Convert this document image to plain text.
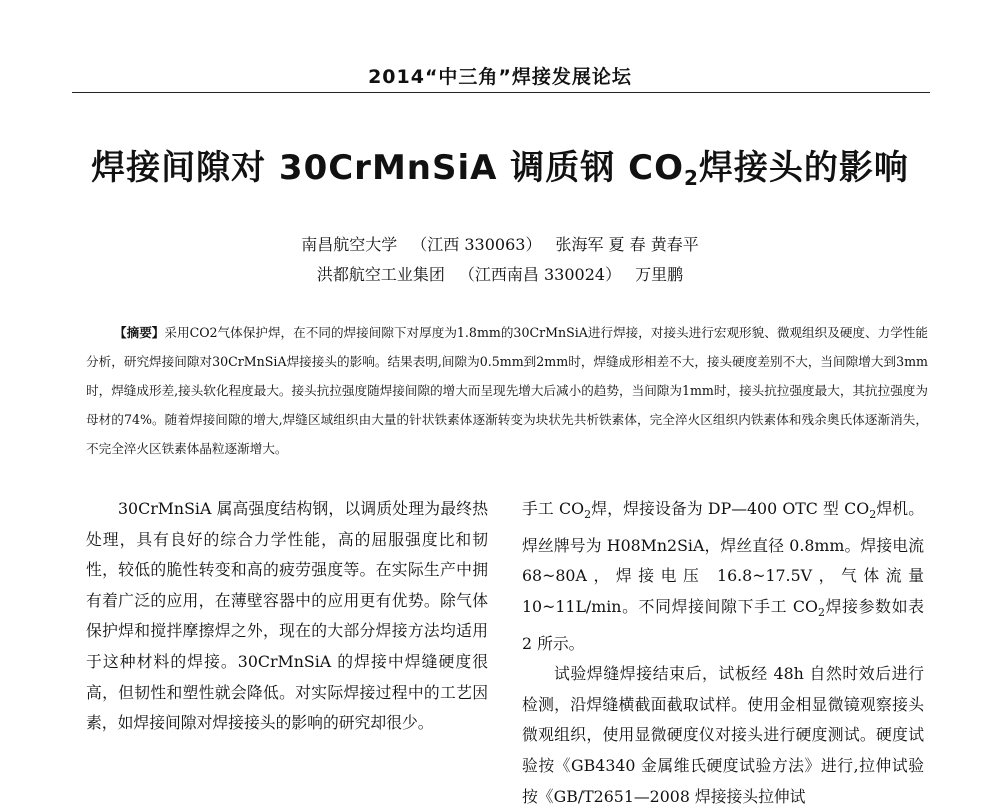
2014“中三角”焊接发展论坛
焊接间隙对 30CrMnSiA 调质钢 $CO_2$焊接头的影响
南昌航空大学 （江西 330063） 张海军 夏 春 黄春平
洪都航空工业集团 （江西南昌 330024） 万里鹏
【摘要】采用CO2气体保护焊，在不同的焊接间隙下对厚度为1.8mm的30CrMnSiA进行焊接，对接头进行宏观形貌、微观组织及硬度、力学性能分析，研究焊接间隙对30CrMnSiA焊接接头的影响。结果表明,间隙为0.5mm到2mm时，焊缝成形相差不大，接头硬度差别不大，当间隙增大到3mm时，焊缝成形差,接头软化程度最大。接头抗拉强度随焊接间隙的增大而呈现先增大后减小的趋势，当间隙为1mm时，接头抗拉强度最大，其抗拉强度为母材的74%。随着焊接间隙的增大,焊缝区域组织由大量的针状铁素体逐渐转变为块状先共析铁素体，完全淬火区组织内铁素体和残余奥氏体逐渐消失，不完全淬火区铁素体晶粒逐渐增大。

30CrMnSiA 属高强度结构钢，以调质处理为最终热处理，具有良好的综合力学性能，高的屈服强度比和韧性，较低的脆性转变和高的疲劳强度等。在实际生产中拥有着广泛的应用，在薄壁容器中的应用更有优势。除气体保护焊和搅拌摩擦焊之外，现在的大部分焊接方法均适用于这种材料的焊接。30CrMnSiA 的焊接中焊缝硬度很高，但韧性和塑性就会降低。对实际焊接过程中的工艺因素，如焊接间隙对焊接接头的影响的研究却很少。

手工 $CO_2$焊，焊接设备为 DP—400 OTC 型 $CO_2$焊机。焊丝牌号为 H08Mn2SiA，焊丝直径 0.8mm。焊接电流 68~80A，焊接电压 16.8~17.5V，气体流量 10~11L/min。不同焊接间隙下手工 $CO_2$焊接参数如表 2 所示。

试验焊缝焊接结束后，试板经 48h 自然时效后进行检测，沿焊缝横截面截取试样。使用金相显微镜观察接头微观组织，使用显微硬度仪对接头进行硬度测试。硬度试验按《GB4340 金属维氏硬度试验方法》进行,拉伸试验按《GB/T2651—2008 焊接接头拉伸试
